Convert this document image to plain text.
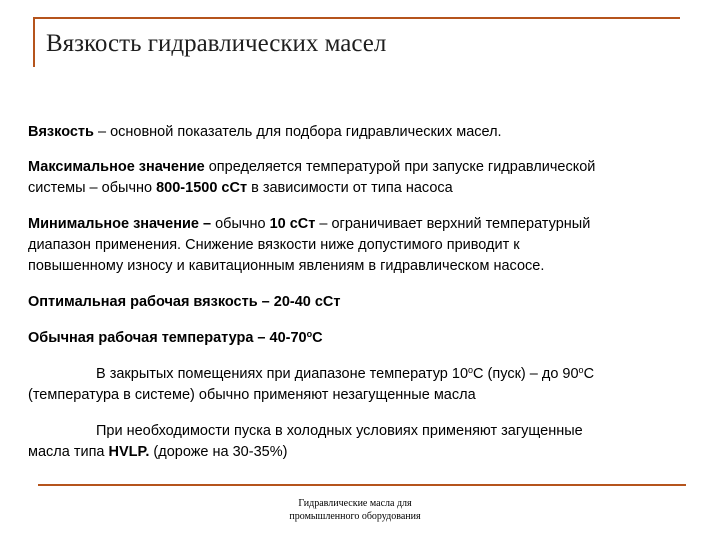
Вязкость гидравлических масел

Вязкость – основной показатель для подбора гидравлических масел.

Максимальное значение определяется температурой при запуске гидравлической
системы – обычно 800-1500 сСт в зависимости от типа насоса

Минимальное значение – обычно 10 сСт – ограничивает верхний температурный
диапазон применения. Снижение вязкости ниже допустимого приводит к
повышенному износу и кавитационным явлениям в гидравлическом насосе.

Оптимальная рабочая вязкость – 20-40 сСт

Обычная рабочая температура – $40-70^оС$

В закрытых помещениях при диапазоне температур $10^оС$ (пуск) – до $90^оС$
(температура в системе) обычно применяют незагущенные масла

При необходимости пуска в холодных условиях применяют загущенные
масла типа HVLP. (дороже на 30-35%)

Гидравлические масла для
промышленного оборудования
